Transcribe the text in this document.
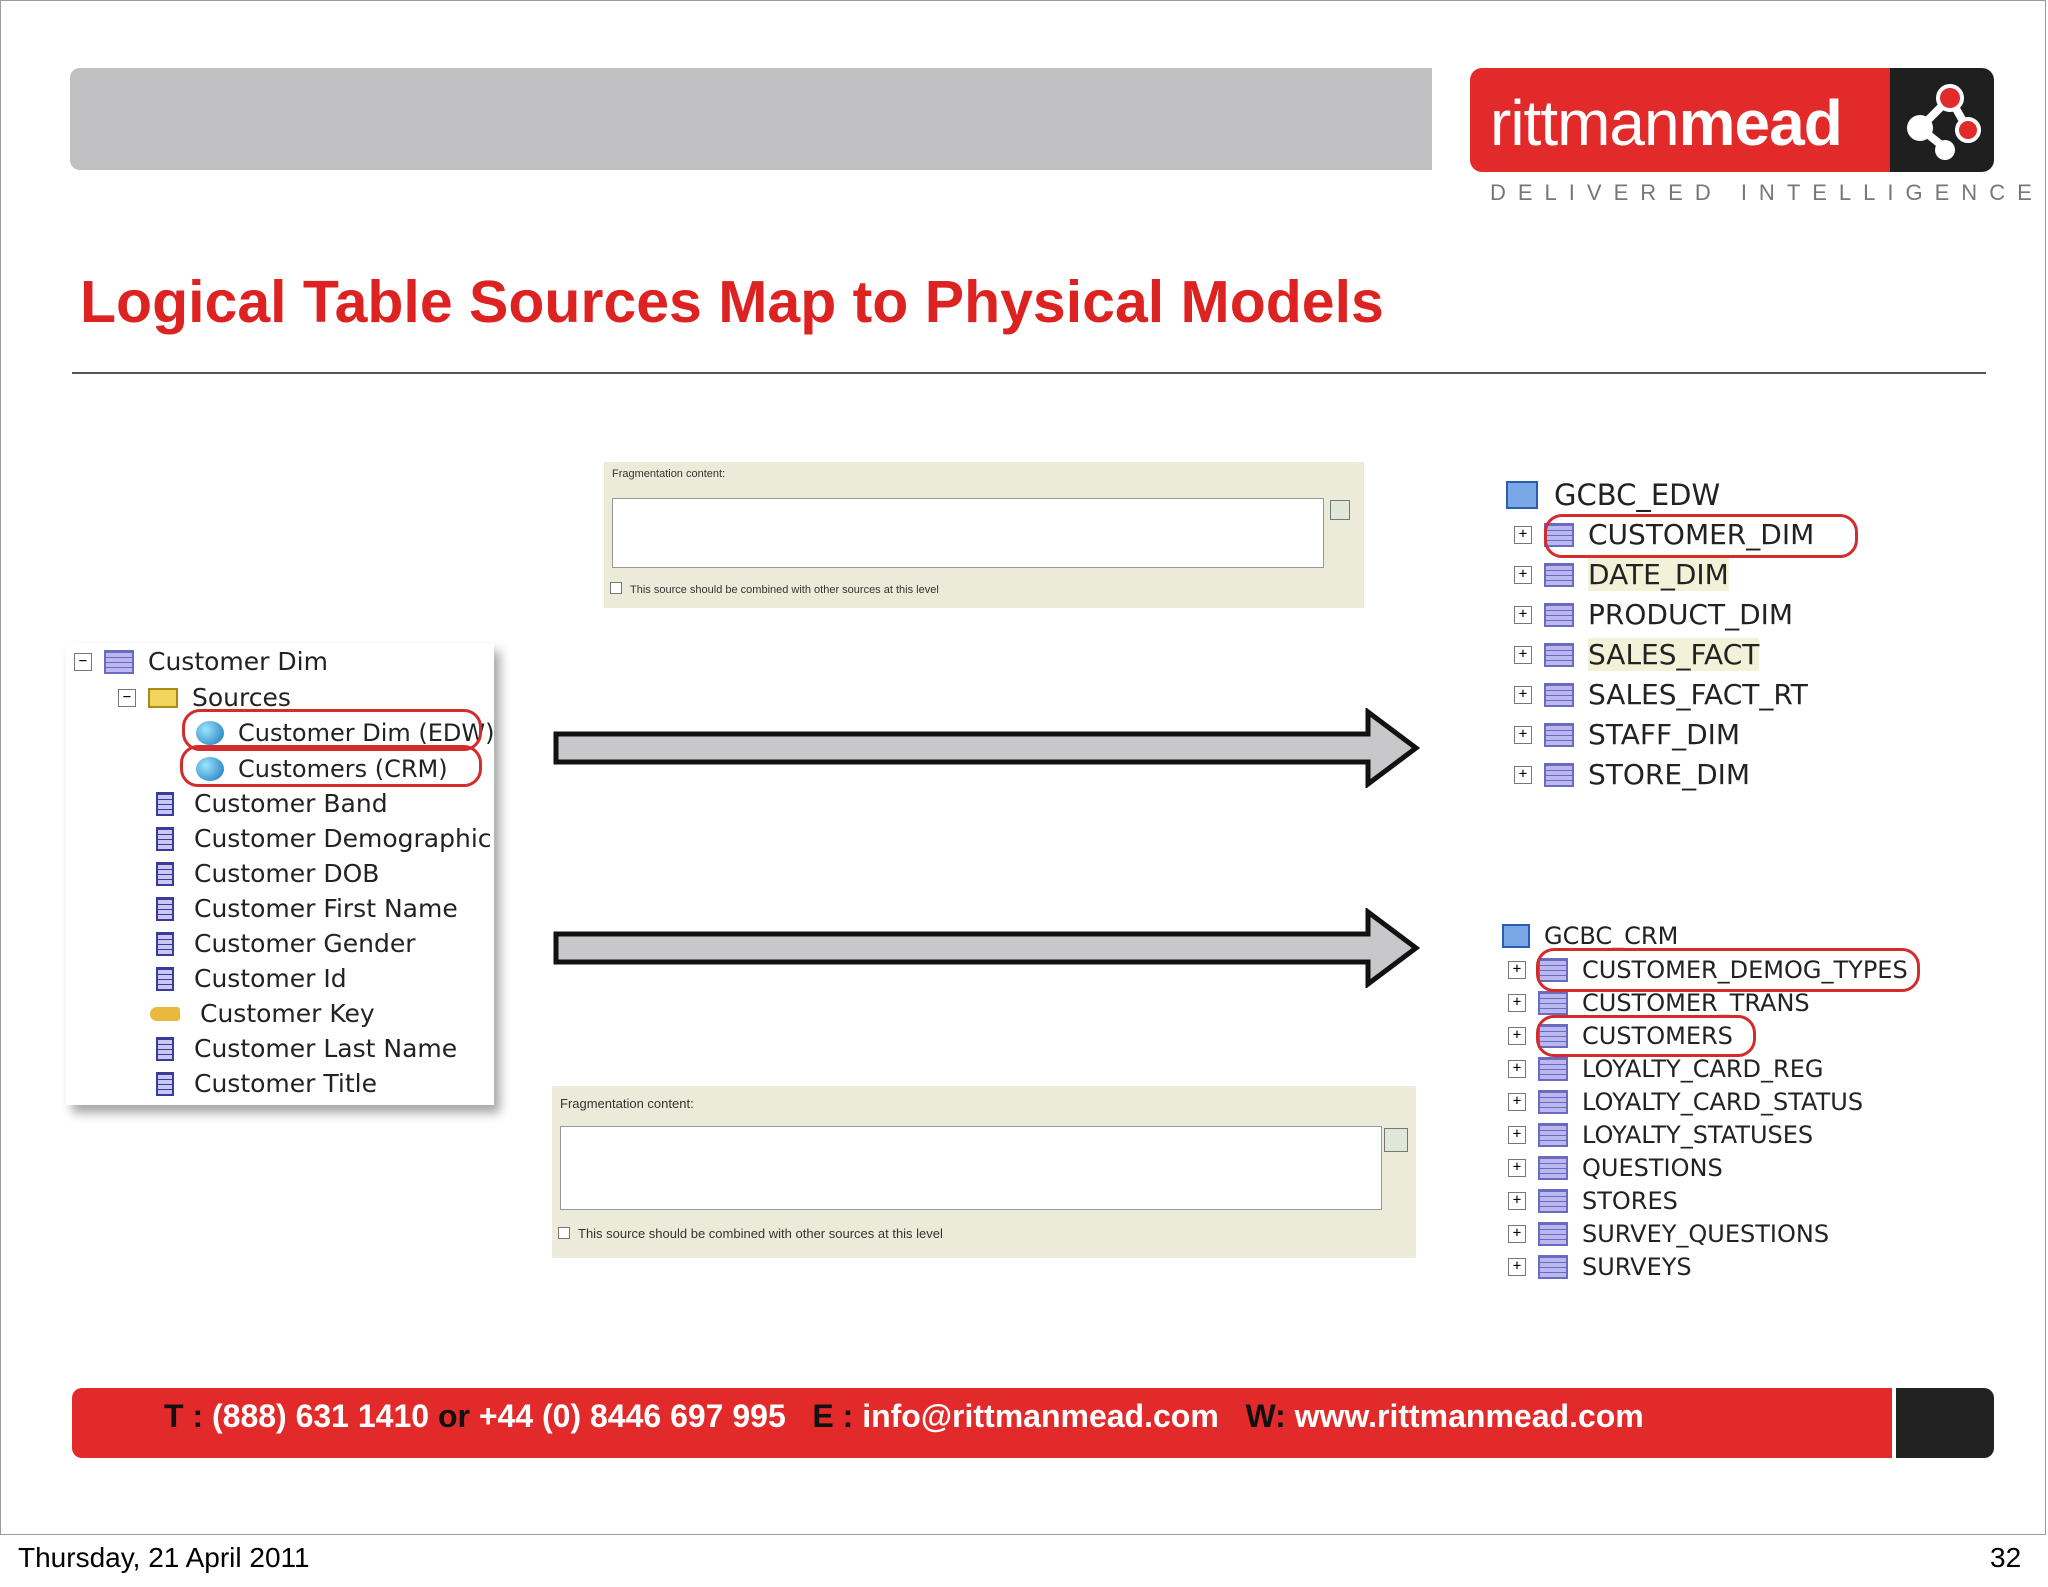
rittmanmead
DELIVERED INTELLIGENCE
Logical Table Sources Map to Physical Models
Fragmentation content:
This source should be combined with other sources at this level
Fragmentation content:
This source should be combined with other sources at this level
− Customer Dim
− Sources
Customer Dim (EDW)
Customers (CRM)
Customer Band
Customer Demographic
Customer DOB
Customer First Name
Customer Gender
Customer Id
Customer Key
Customer Last Name
Customer Title
GCBC_EDW
+ CUSTOMER_DIM
+ DATE_DIM
+ PRODUCT_DIM
+ SALES_FACT
+ SALES_FACT_RT
+ STAFF_DIM
+ STORE_DIM
GCBC_CRM
+	CUSTOMER_DEMOG_TYPES
+	CUSTOMER_TRANS
+	CUSTOMERS
+	LOYALTY_CARD_REG
+	LOYALTY_CARD_STATUS
+	LOYALTY_STATUSES
+	QUESTIONS
+	STORES
+	SURVEY_QUESTIONS
+	SURVEYS
T : (888) 631 1410 or +44 (0) 8446 697 995 E : info@rittmanmead.com W: www.rittmanmead.com
Thursday, 21 April 2011	32
